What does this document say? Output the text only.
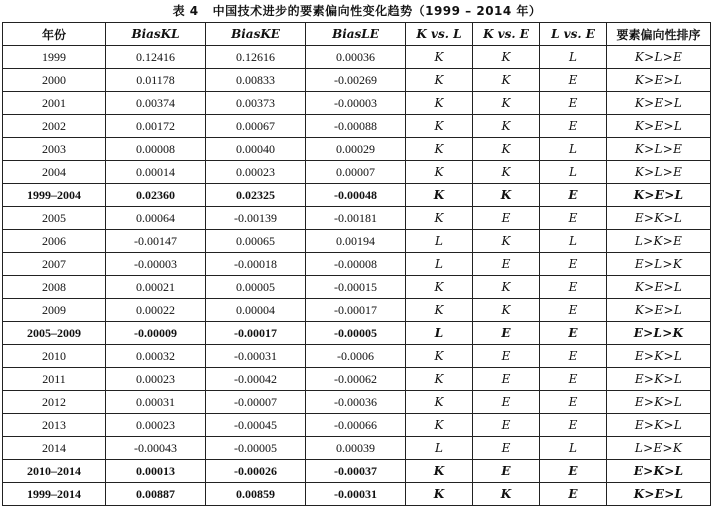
表 4 中国技术进步的要素偏向性变化趋势（1999 – 2014 年）
年份	BiasKL	BiasKE	BiasLE	K vs. L	K vs. E	L vs. E	要素偏向性排序
1999	0.12416	0.12616	0.00036	K	K	L	K>L>E
2000	0.01178	0.00833	-0.00269	K	K	E	K>E>L
2001	0.00374	0.00373	-0.00003	K	K	E	K>E>L
2002	0.00172	0.00067	-0.00088	K	K	E	K>E>L
2003	0.00008	0.00040	0.00029	K	K	L	K>L>E
2004	0.00014	0.00023	0.00007	K	K	L	K>L>E
1999–2004	0.02360	0.02325	-0.00048	K	K	E	K>E>L
2005	0.00064	-0.00139	-0.00181	K	E	E	E>K>L
2006	-0.00147	0.00065	0.00194	L	K	L	L>K>E
2007	-0.00003	-0.00018	-0.00008	L	E	E	E>L>K
2008	0.00021	0.00005	-0.00015	K	K	E	K>E>L
2009	0.00022	0.00004	-0.00017	K	K	E	K>E>L
2005–2009	-0.00009	-0.00017	-0.00005	L	E	E	E>L>K
2010	0.00032	-0.00031	-0.0006	K	E	E	E>K>L
2011	0.00023	-0.00042	-0.00062	K	E	E	E>K>L
2012	0.00031	-0.00007	-0.00036	K	E	E	E>K>L
2013	0.00023	-0.00045	-0.00066	K	E	E	E>K>L
2014	-0.00043	-0.00005	0.00039	L	E	L	L>E>K
2010–2014	0.00013	-0.00026	-0.00037	K	E	E	E>K>L
1999–2014	0.00887	0.00859	-0.00031	K	K	E	K>E>L
